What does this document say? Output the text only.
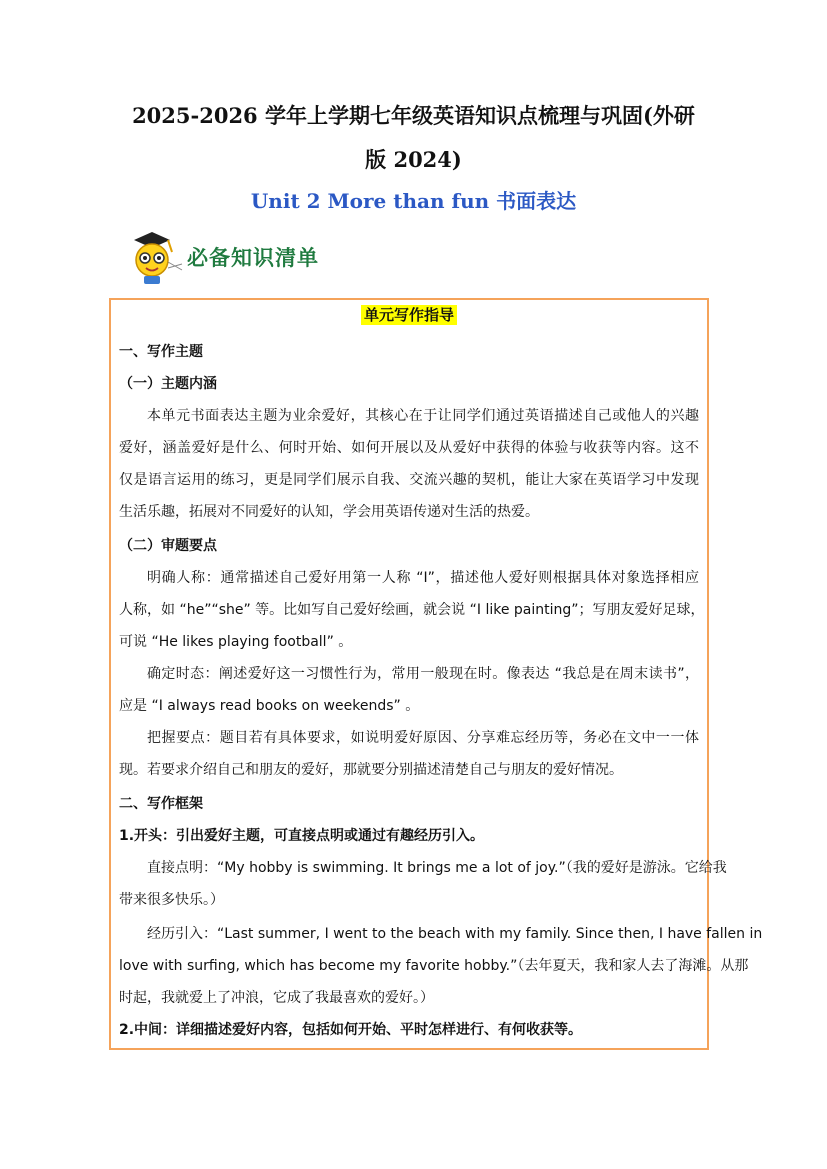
2025-2026 学年上学期七年级英语知识点梳理与巩固(外研
版 2024)
Unit 2 More than fun 书面表达
必备知识清单
单元写作指导
一、写作主题
（一）主题内涵
本单元书面表达主题为业余爱好，其核心在于让同学们通过英语描述自己或他人的兴趣
爱好，涵盖爱好是什么、何时开始、如何开展以及从爱好中获得的体验与收获等内容。这不
仅是语言运用的练习，更是同学们展示自我、交流兴趣的契机，能让大家在英语学习中发现
生活乐趣，拓展对不同爱好的认知，学会用英语传递对生活的热爱。
（二）审题要点
明确人称：通常描述自己爱好用第一人称 “I”，描述他人爱好则根据具体对象选择相应
人称，如 “he”“she” 等。比如写自己爱好绘画，就会说 “I like painting”；写朋友爱好足球，
可说 “He likes playing football” 。
确定时态：阐述爱好这一习惯性行为，常用一般现在时。像表达 “我总是在周末读书”，
应是 “I always read books on weekends” 。
把握要点：题目若有具体要求，如说明爱好原因、分享难忘经历等，务必在文中一一体
现。若要求介绍自己和朋友的爱好，那就要分别描述清楚自己与朋友的爱好情况。
二、写作框架
1.开头：引出爱好主题，可直接点明或通过有趣经历引入。
直接点明：“My hobby is swimming. It brings me a lot of joy.”（我的爱好是游泳。它给我
带来很多快乐。）
经历引入：“Last summer, I went to the beach with my family. Since then, I have fallen in
love with surfing, which has become my favorite hobby.”（去年夏天，我和家人去了海滩。从那
时起，我就爱上了冲浪，它成了我最喜欢的爱好。）
2.中间：详细描述爱好内容，包括如何开始、平时怎样进行、有何收获等。
